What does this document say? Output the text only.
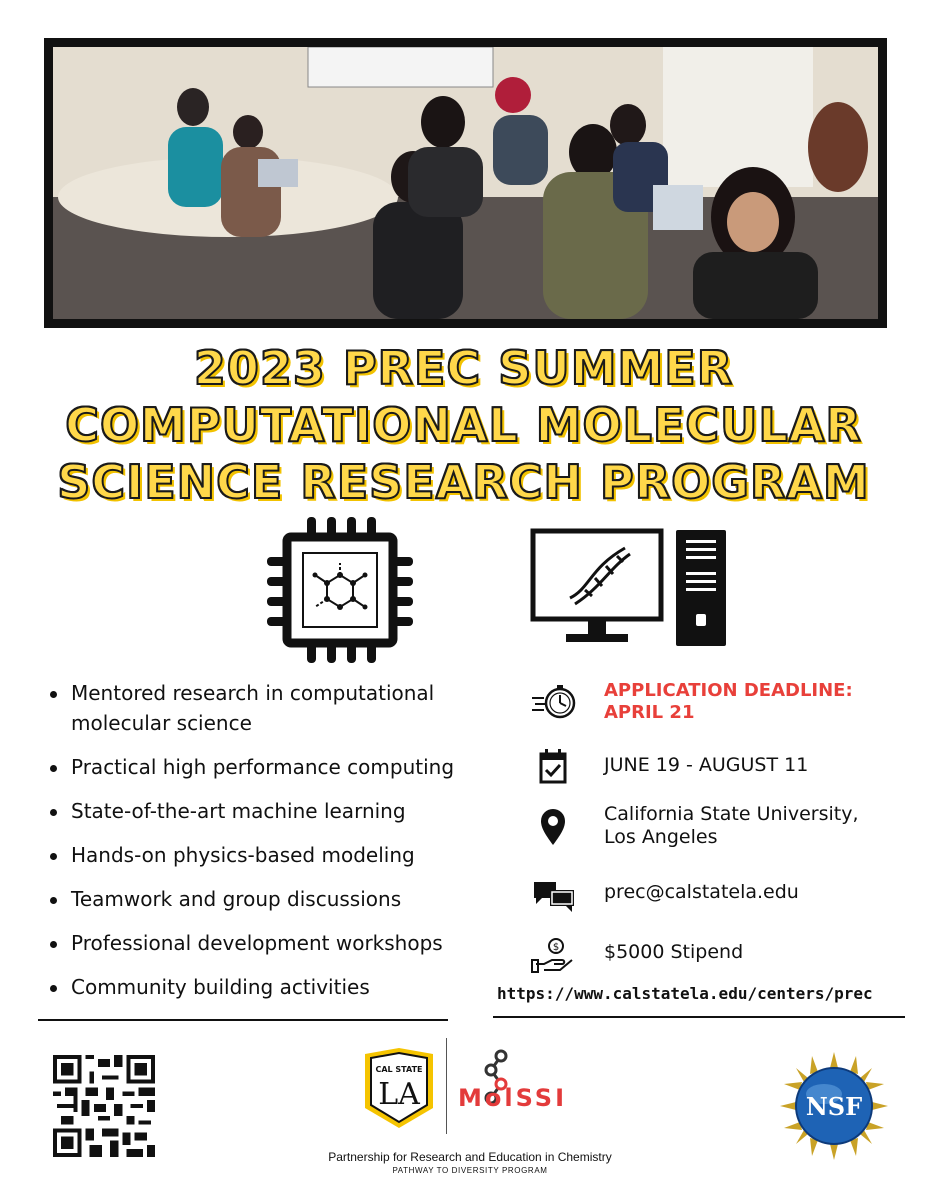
2023 PREC SUMMER
COMPUTATIONAL MOLECULAR
SCIENCE RESEARCH PROGRAM
Mentored research in computational molecular science
Practical high performance computing
State-of-the-art machine learning
Hands-on physics-based modeling
Teamwork and group discussions
Professional development workshops
Community building activities
APPLICATION DEADLINE: APRIL 21
JUNE 19 - AUGUST 11
California State University, Los Angeles
prec@calstatela.edu
$ $5000 Stipend
https://www.calstatela.edu/centers/prec
CAL STATE
LA MolSSI
Partnership for Research and Education in Chemistry
PATHWAY TO DIVERSITY PROGRAM
NSF
